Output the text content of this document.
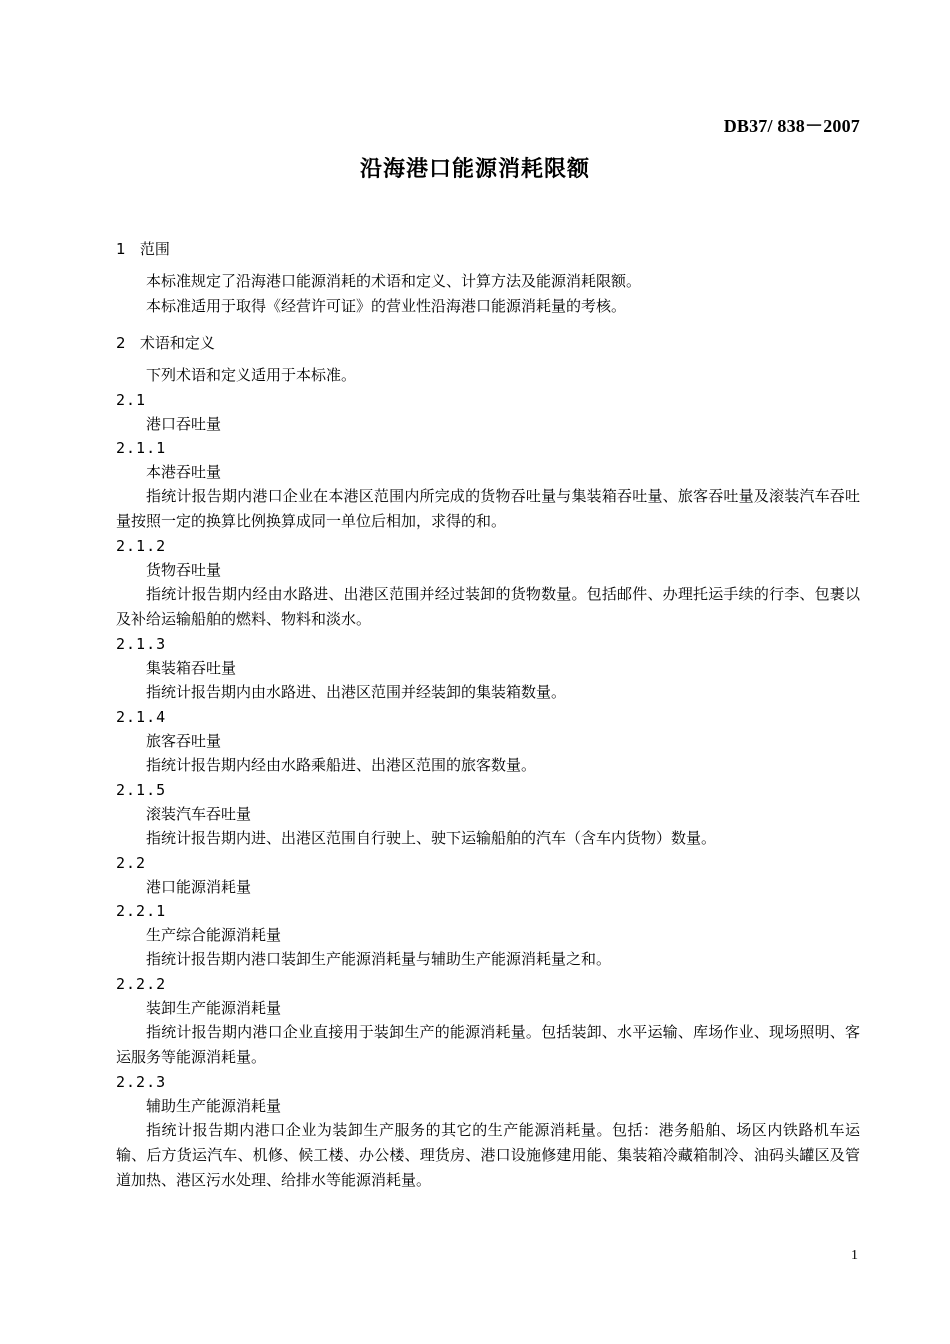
DB37/ 838－2007
沿海港口能源消耗限额

1   范围

本标准规定了沿海港口能源消耗的术语和定义、计算方法及能源消耗限额。

本标准适用于取得《经营许可证》的营业性沿海港口能源消耗量的考核。

2   术语和定义

下列术语和定义适用于本标准。

2.1

港口吞吐量

2.1.1

本港吞吐量

指统计报告期内港口企业在本港区范围内所完成的货物吞吐量与集装箱吞吐量、旅客吞吐量及滚装汽车吞吐量按照一定的换算比例换算成同一单位后相加，求得的和。

2.1.2

货物吞吐量

指统计报告期内经由水路进、出港区范围并经过装卸的货物数量。包括邮件、办理托运手续的行李、包裹以及补给运输船舶的燃料、物料和淡水。

2.1.3

集装箱吞吐量

指统计报告期内由水路进、出港区范围并经装卸的集装箱数量。

2.1.4

旅客吞吐量

指统计报告期内经由水路乘船进、出港区范围的旅客数量。

2.1.5

滚装汽车吞吐量

指统计报告期内进、出港区范围自行驶上、驶下运输船舶的汽车（含车内货物）数量。

2.2

港口能源消耗量

2.2.1

生产综合能源消耗量

指统计报告期内港口装卸生产能源消耗量与辅助生产能源消耗量之和。

2.2.2

装卸生产能源消耗量

指统计报告期内港口企业直接用于装卸生产的能源消耗量。包括装卸、水平运输、库场作业、现场照明、客运服务等能源消耗量。

2.2.3

辅助生产能源消耗量

指统计报告期内港口企业为装卸生产服务的其它的生产能源消耗量。包括：港务船舶、场区内铁路机车运输、后方货运汽车、机修、候工楼、办公楼、理货房、港口设施修建用能、集装箱冷藏箱制冷、油码头罐区及管道加热、港区污水处理、给排水等能源消耗量。

1
